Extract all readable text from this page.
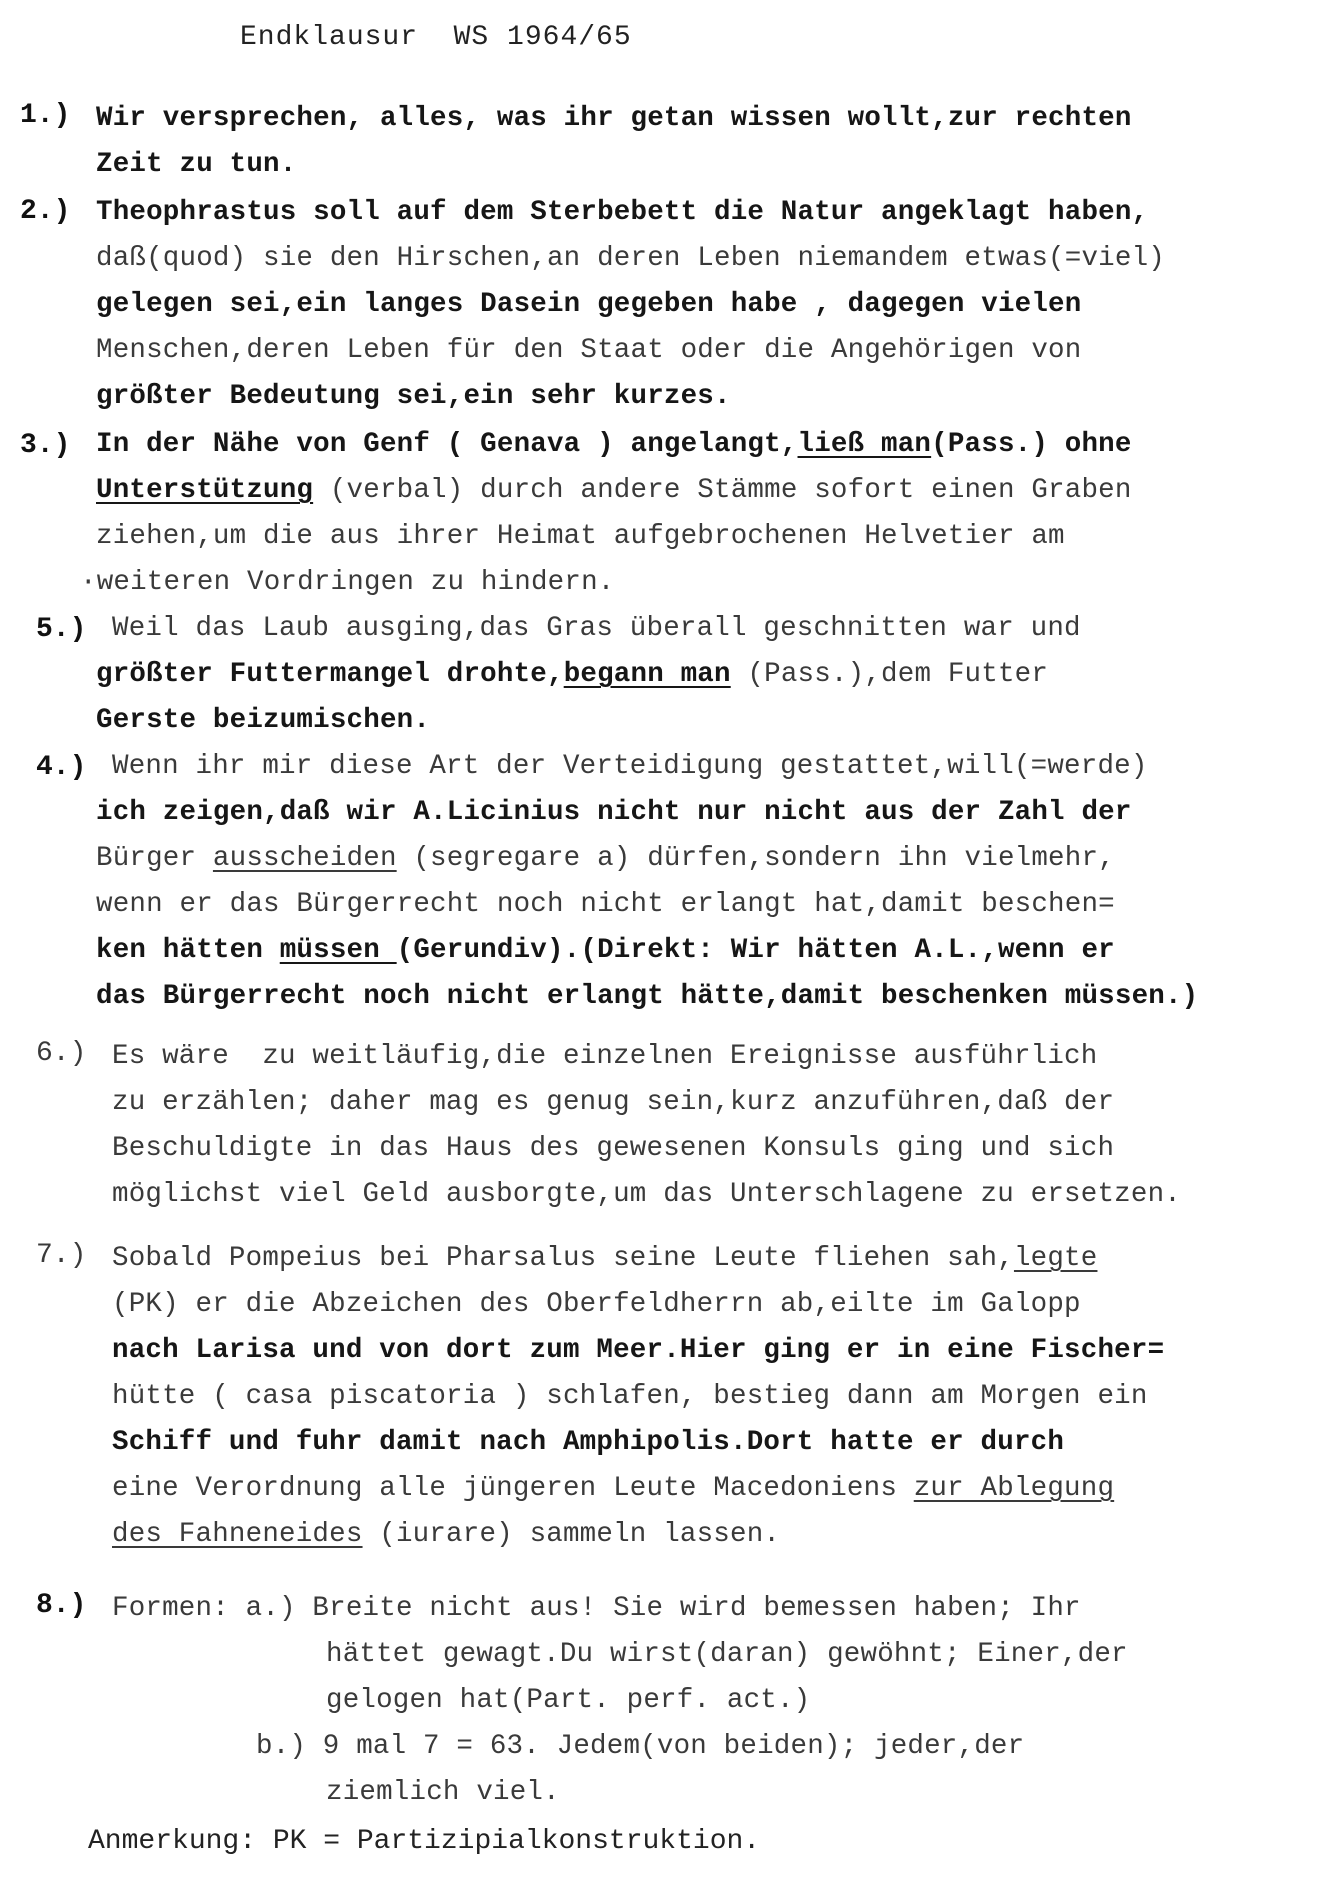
Endklausur  WS 1964/65
1.) Wir versprechen, alles, was ihr getan wissen wollt,zur rechten
Zeit zu tun.
2.) Theophrastus soll auf dem Sterbebett die Natur angeklagt haben,
daß(quod) sie den Hirschen,an deren Leben niemandem etwas(=viel)
gelegen sei,ein langes Dasein gegeben habe , dagegen vielen
Menschen,deren Leben für den Staat oder die Angehörigen von
größter Bedeutung sei,ein sehr kurzes.
3.) In der Nähe von Genf ( Genava ) angelangt,ließ man(Pass.) ohne
Unterstützung (verbal) durch andere Stämme sofort einen Graben
ziehen,um die aus ihrer Heimat aufgebrochenen Helvetier am
·weiteren Vordringen zu hindern.
5.) Weil das Laub ausging,das Gras überall geschnitten war und
größter Futtermangel drohte,begann man (Pass.),dem Futter
Gerste beizumischen.
4.) Wenn ihr mir diese Art der Verteidigung gestattet,will(=werde)
ich zeigen,daß wir A.Licinius nicht nur nicht aus der Zahl der
Bürger ausscheiden (segregare a) dürfen,sondern ihn vielmehr,
wenn er das Bürgerrecht noch nicht erlangt hat,damit beschen=
ken hätten müssen (Gerundiv).(Direkt: Wir hätten A.L.,wenn er
das Bürgerrecht noch nicht erlangt hätte,damit beschenken müssen.)
6.) Es wäre  zu weitläufig,die einzelnen Ereignisse ausführlich
zu erzählen; daher mag es genug sein,kurz anzuführen,daß der
Beschuldigte in das Haus des gewesenen Konsuls ging und sich
möglichst viel Geld ausborgte,um das Unterschlagene zu ersetzen.
7.) Sobald Pompeius bei Pharsalus seine Leute fliehen sah,legte
(PK) er die Abzeichen des Oberfeldherrn ab,eilte im Galopp
nach Larisa und von dort zum Meer.Hier ging er in eine Fischer=
hütte ( casa piscatoria ) schlafen, bestieg dann am Morgen ein
Schiff und fuhr damit nach Amphipolis.Dort hatte er durch
eine Verordnung alle jüngeren Leute Macedoniens zur Ablegung
des Fahneneides (iurare) sammeln lassen.
8.) Formen: a.) Breite nicht aus! Sie wird bemessen haben; Ihr
hättet gewagt.Du wirst(daran) gewöhnt; Einer,der
gelogen hat(Part. perf. act.)
b.) 9 mal 7 = 63. Jedem(von beiden); jeder,der
ziemlich viel.
Anmerkung: PK = Partizipialkonstruktion.
